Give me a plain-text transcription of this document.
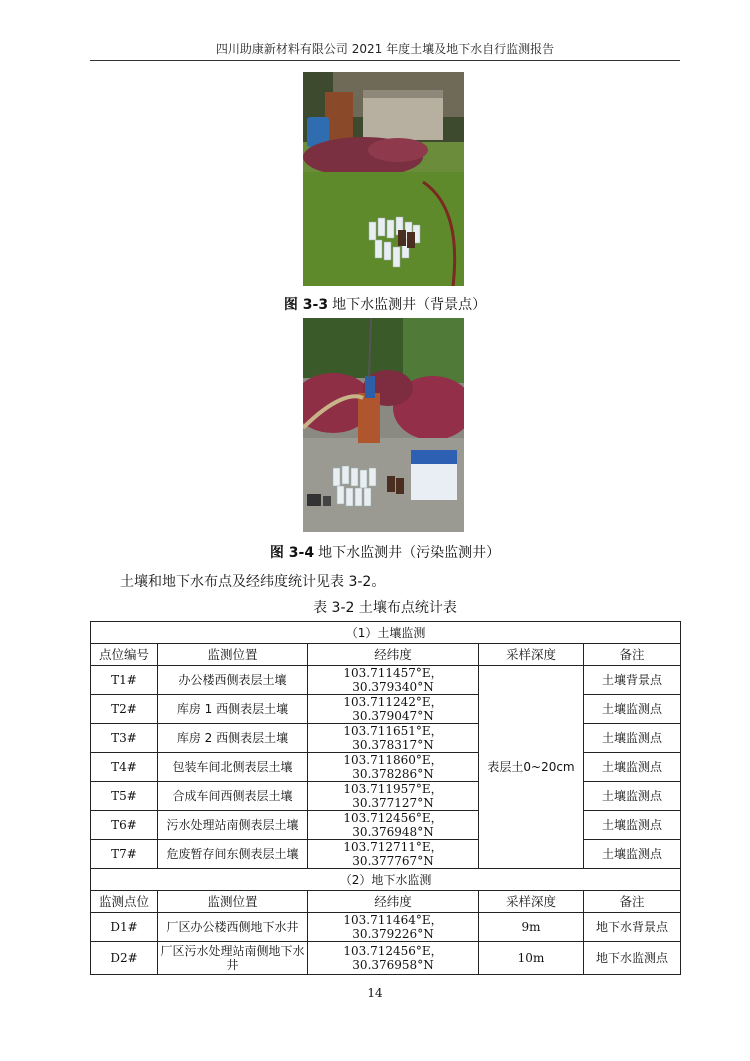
四川助康新材料有限公司 2021 年度土壤及地下水自行监测报告
图 3-3 地下水监测井（背景点）
图 3-4 地下水监测井（污染监测井）
土壤和地下水布点及经纬度统计见表 3-2。
表 3-2 土壤布点统计表
（1）土壤监测				
点位编号	监测位置	经纬度	采样深度	备注
T1#	办公楼西侧表层土壤	103.711457°E，30.379340°N	表层土0~20cm	土壤背景点
T2#	库房 1 西侧表层土壤	103.711242°E，30.379047°N		土壤监测点
T3#	库房 2 西侧表层土壤	103.711651°E，30.378317°N		土壤监测点
T4#	包装车间北侧表层土壤	103.711860°E，30.378286°N		土壤监测点
T5#	合成车间西侧表层土壤	103.711957°E，30.377127°N		土壤监测点
T6#	污水处理站南侧表层土壤	103.712456°E，30.376948°N		土壤监测点
T7#	危废暂存间东侧表层土壤	103.712711°E，30.377767°N		土壤监测点
（2）地下水监测				
监测点位	监测位置	经纬度	采样深度	备注
D1#	厂区办公楼西侧地下水井	103.711464°E，30.379226°N	9m	地下水背景点
D2#	厂区污水处理站南侧地下水井	103.712456°E，30.376958°N	10m	地下水监测点
14
